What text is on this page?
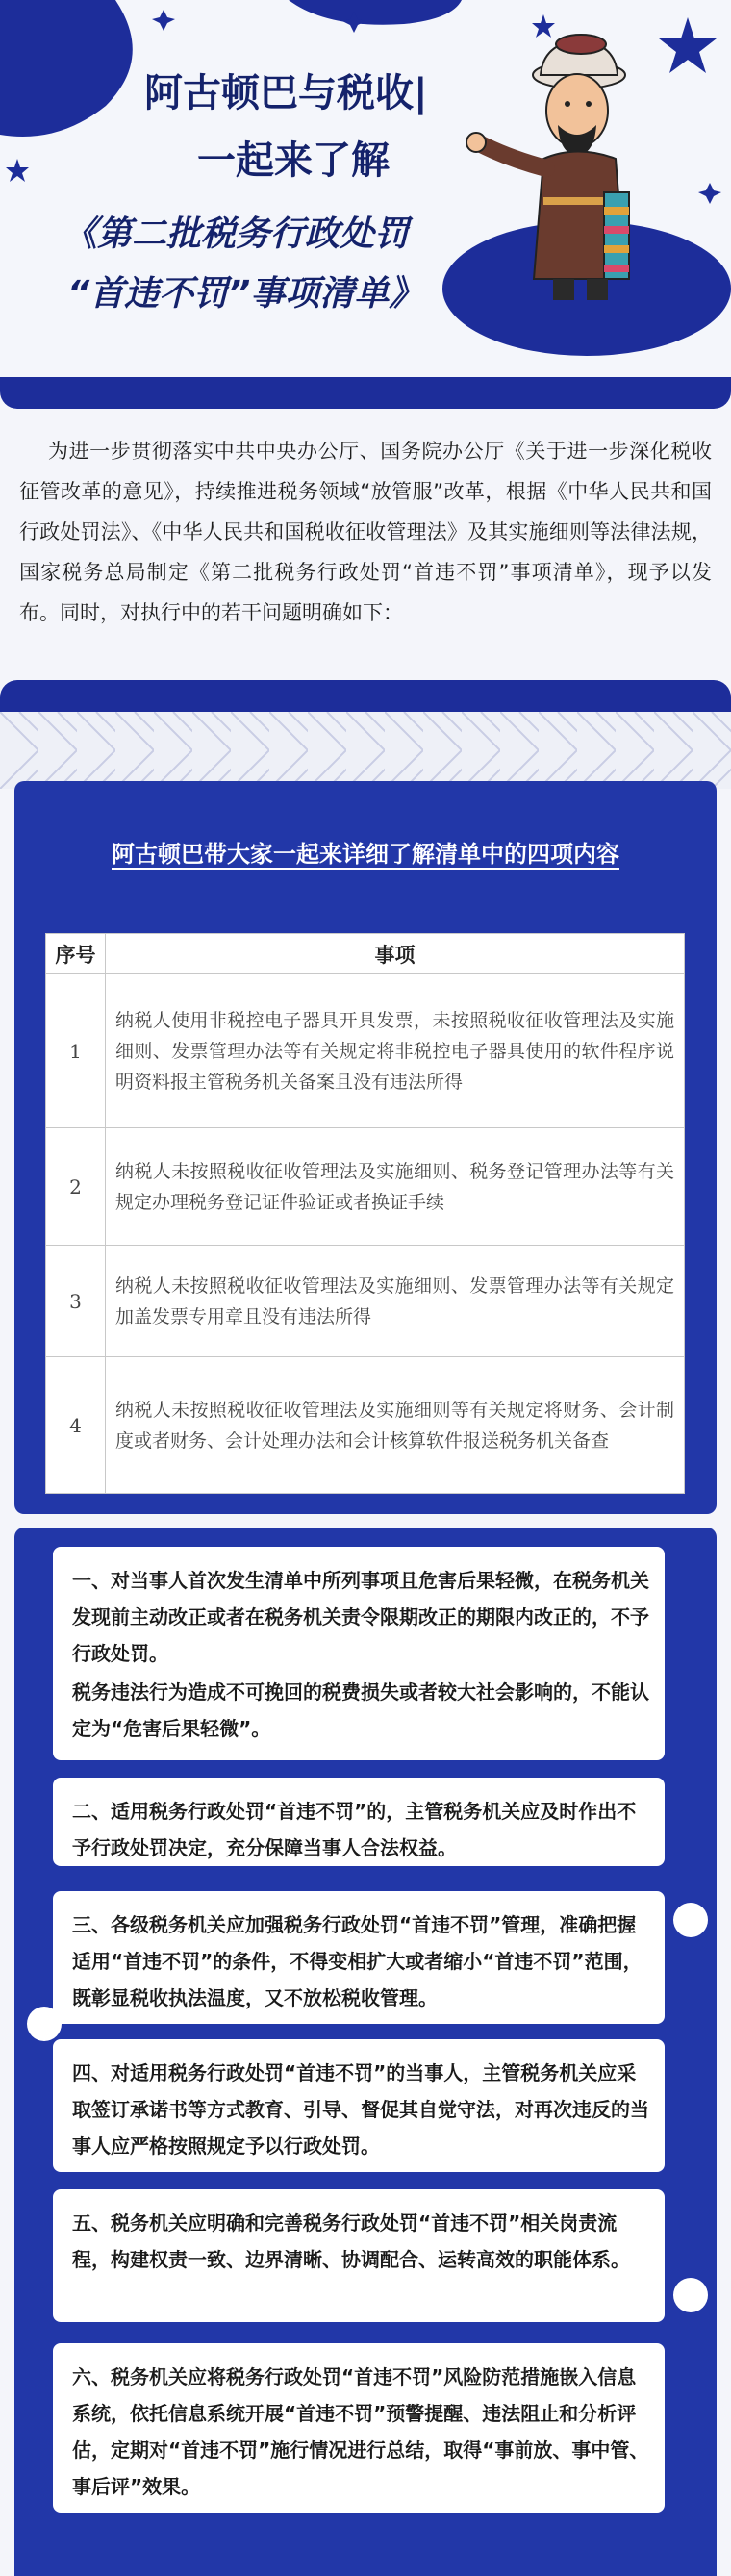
阿古顿巴与税收|
一起来了解
《第二批税务行政处罚
“首违不罚”事项清单》

为进一步贯彻落实中共中央办公厅、国务院办公厅《关于进一步深化税收征管改革的意见》，持续推进税务领域“放管服”改革，根据《中华人民共和国行政处罚法》、《中华人民共和国税收征收管理法》及其实施细则等法律法规，国家税务总局制定《第二批税务行政处罚“首违不罚”事项清单》，现予以发布。同时，对执行中的若干问题明确如下：

阿古顿巴带大家一起来详细了解清单中的四项内容
序号	事项
1	纳税人使用非税控电子器具开具发票，未按照税收征收管理法及实施细则、发票管理办法等有关规定将非税控电子器具使用的软件程序说明资料报主管税务机关备案且没有违法所得
2	纳税人未按照税收征收管理法及实施细则、税务登记管理办法等有关规定办理税务登记证件验证或者换证手续
3	纳税人未按照税收征收管理法及实施细则、发票管理办法等有关规定加盖发票专用章且没有违法所得
4	纳税人未按照税收征收管理法及实施细则等有关规定将财务、会计制度或者财务、会计处理办法和会计核算软件报送税务机关备查

一、对当事人首次发生清单中所列事项且危害后果轻微，在税务机关发现前主动改正或者在税务机关责令限期改正的期限内改正的，不予行政处罚。

税务违法行为造成不可挽回的税费损失或者较大社会影响的，不能认定为“危害后果轻微”。

二、适用税务行政处罚“首违不罚”的，主管税务机关应及时作出不予行政处罚决定，充分保障当事人合法权益。

三、各级税务机关应加强税务行政处罚“首违不罚”管理，准确把握适用“首违不罚”的条件，不得变相扩大或者缩小“首违不罚”范围，既彰显税收执法温度，又不放松税收管理。

四、对适用税务行政处罚“首违不罚”的当事人，主管税务机关应采取签订承诺书等方式教育、引导、督促其自觉守法，对再次违反的当事人应严格按照规定予以行政处罚。

五、税务机关应明确和完善税务行政处罚“首违不罚”相关岗责流程，构建权责一致、边界清晰、协调配合、运转高效的职能体系。

六、税务机关应将税务行政处罚“首违不罚”风险防范措施嵌入信息系统，依托信息系统开展“首违不罚”预警提醒、违法阻止和分析评估，定期对“首违不罚”施行情况进行总结，取得“事前放、事中管、事后评”效果。
